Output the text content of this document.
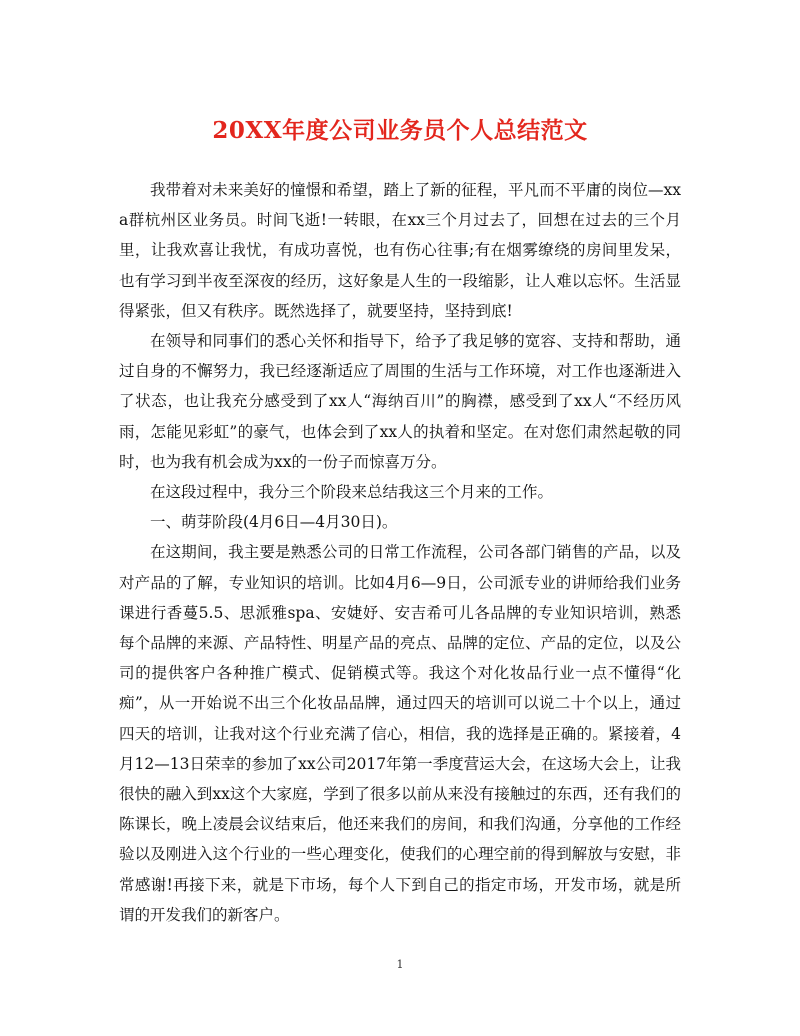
20XX年度公司业务员个人总结范文

我带着对未来美好的憧憬和希望，踏上了新的征程，平凡而不平庸的岗位—xxa群杭州区业务员。时间飞逝!一转眼，在xx三个月过去了，回想在过去的三个月里，让我欢喜让我忧，有成功喜悦，也有伤心往事;有在烟雾缭绕的房间里发呆，也有学习到半夜至深夜的经历，这好象是人生的一段缩影，让人难以忘怀。生活显得紧张，但又有秩序。既然选择了，就要坚持，坚持到底!

在领导和同事们的悉心关怀和指导下，给予了我足够的宽容、支持和帮助，通过自身的不懈努力，我已经逐渐适应了周围的生活与工作环境，对工作也逐渐进入了状态，也让我充分感受到了xx人“海纳百川”的胸襟，感受到了xx人“不经历风雨，怎能见彩虹”的豪气，也体会到了xx人的执着和坚定。在对您们肃然起敬的同时，也为我有机会成为xx的一份子而惊喜万分。

在这段过程中，我分三个阶段来总结我这三个月来的工作。

一、萌芽阶段(4月6日—4月30日)。

在这期间，我主要是熟悉公司的日常工作流程，公司各部门销售的产品，以及对产品的了解，专业知识的培训。比如4月6—9日，公司派专业的讲师给我们业务课进行香蔓5.5、思派雅spa、安婕妤、安吉希可儿各品牌的专业知识培训，熟悉每个品牌的来源、产品特性、明星产品的亮点、品牌的定位、产品的定位，以及公司的提供客户各种推广模式、促销模式等。我这个对化妆品行业一点不懂得“化痴”，从一开始说不出三个化妆品品牌，通过四天的培训可以说二十个以上，通过四天的培训，让我对这个行业充满了信心，相信，我的选择是正确的。紧接着，4月12—13日荣幸的参加了xx公司2017年第一季度营运大会，在这场大会上，让我很快的融入到xx这个大家庭，学到了很多以前从来没有接触过的东西，还有我们的陈课长，晚上凌晨会议结束后，他还来我们的房间，和我们沟通，分享他的工作经验以及刚进入这个行业的一些心理变化，使我们的心理空前的得到解放与安慰，非常感谢!再接下来，就是下市场，每个人下到自己的指定市场，开发市场，就是所谓的开发我们的新客户。

1
